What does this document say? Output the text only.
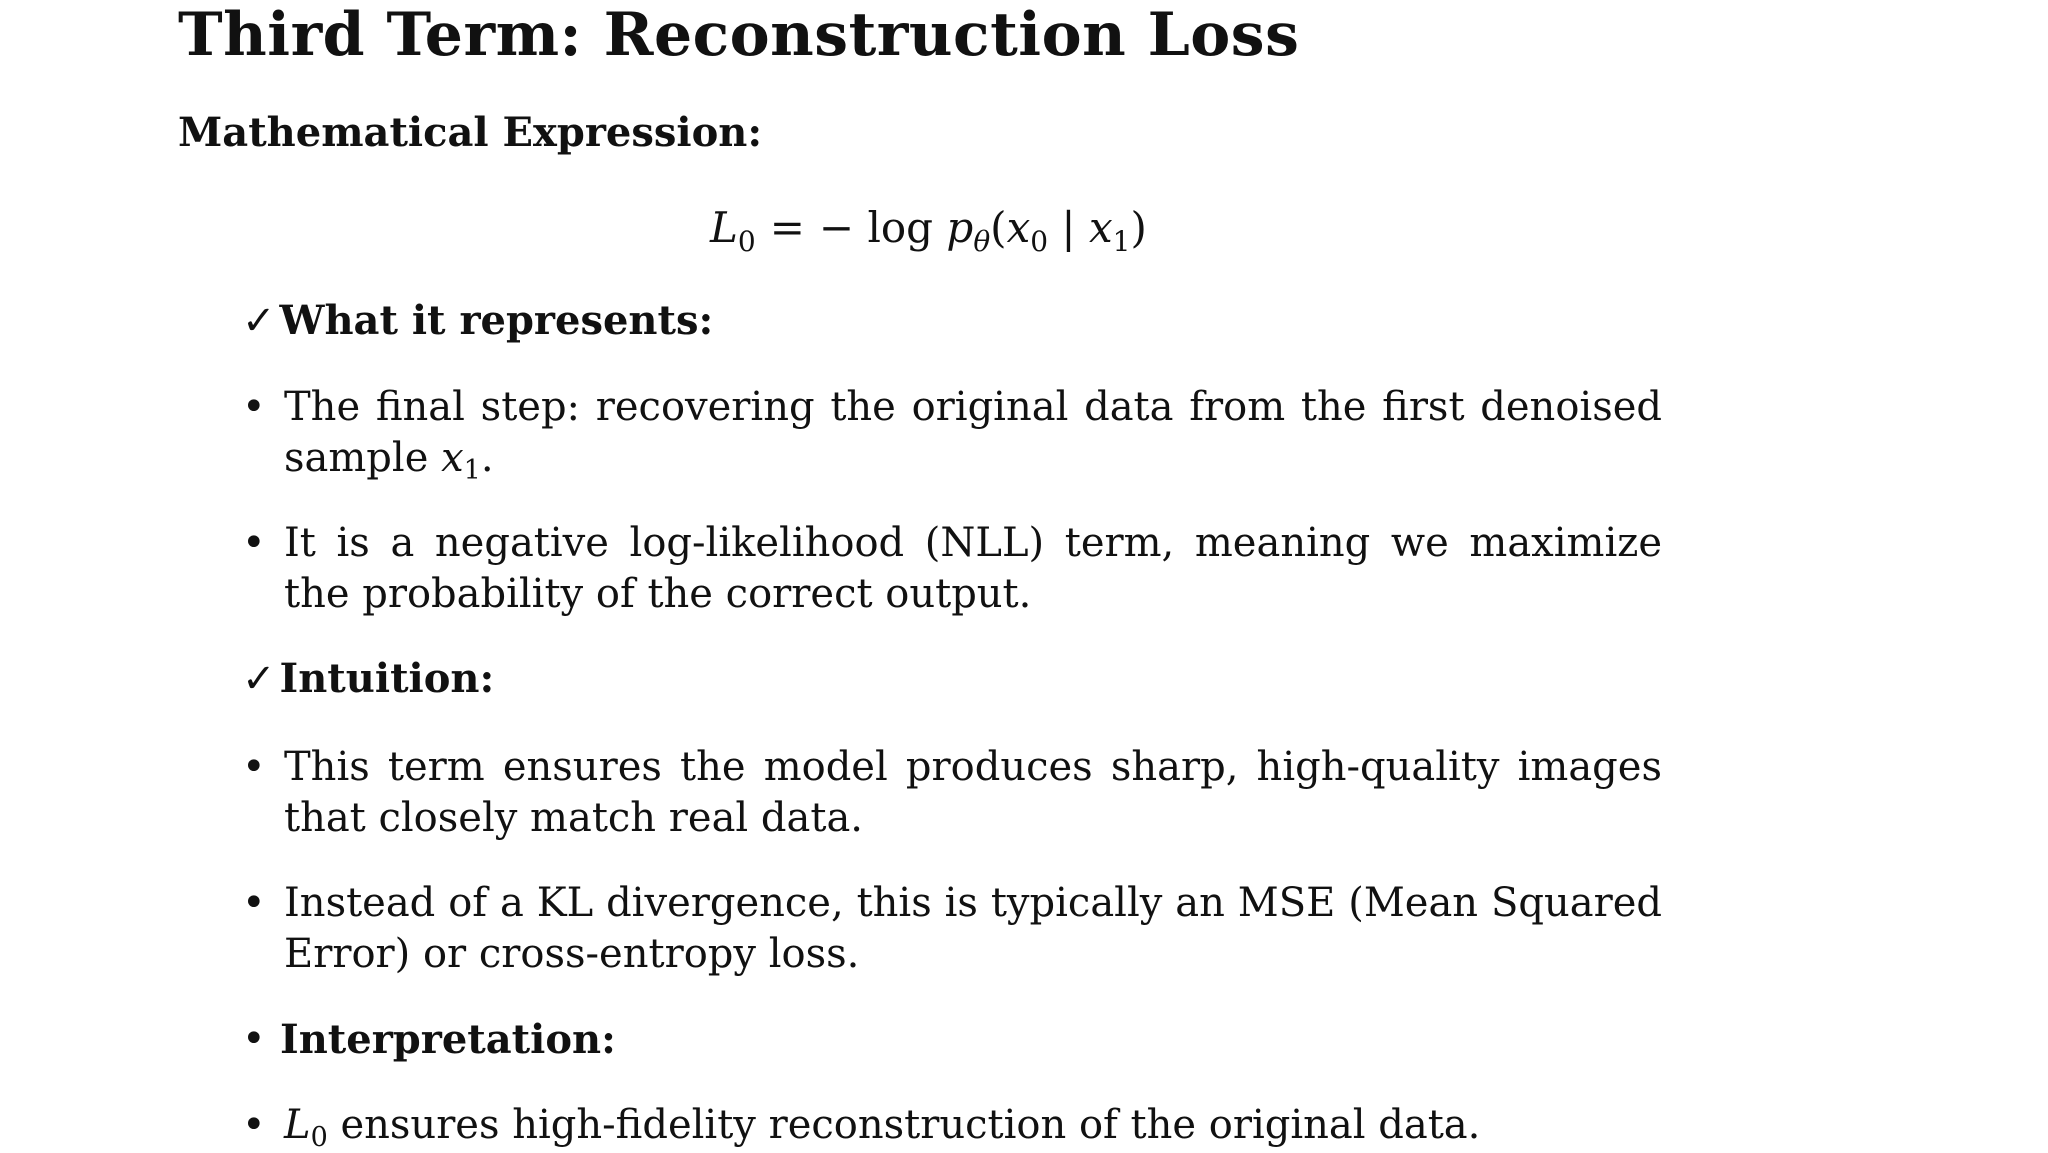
Third Term: Reconstruction Loss
Mathematical Expression:
$L_0$ = − $\log p_\theta(x_0$ | $x_1$)
✓ What it represents:
• The final step: recovering the original data from the first denoised sample $x_1$.
• It is a negative log-likelihood (NLL) term, meaning we maximize the probability of the correct output.
✓ Intuition:
• This term ensures the model produces sharp, high-quality images that closely match real data.
• Instead of a KL divergence, this is typically an MSE (Mean Squared Error) or cross-entropy loss.
• Interpretation:
• $L_0$ ensures high-fidelity reconstruction of the original data.
